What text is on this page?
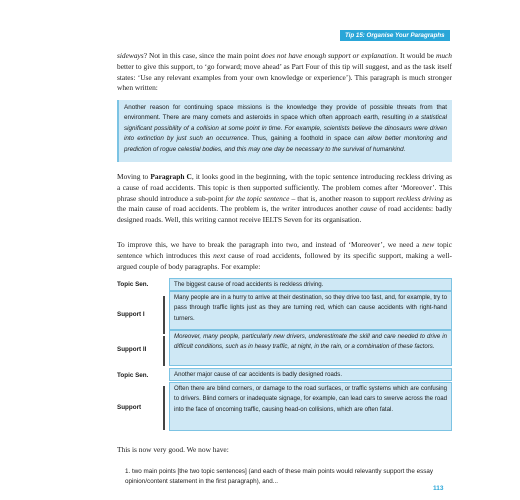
Tip 15: Organise Your Paragraphs
sideways? Not in this case, since the main point does not have enough support or explanation. It would be much better to give this support, to ‘go forward; move ahead’ as Part Four of this tip will suggest, and as the task itself states: ‘Use any relevant examples from your own knowledge or experience’). This paragraph is much stronger when written:
Another reason for continuing space missions is the knowledge they provide of possible threats from that environment. There are many comets and asteroids in space which often approach earth, resulting in a statistical significant possibility of a collision at some point in time. For example, scientists believe the dinosaurs were driven into extinction by just such an occurrence. Thus, gaining a foothold in space can allow better monitoring and prediction of rogue celestial bodies, and this may one day be necessary to the survival of humankind.
Moving to Paragraph C, it looks good in the beginning, with the topic sentence introducing reckless driving as a cause of road accidents. This topic is then supported sufficiently. The problem comes after ‘Moreover’. This phrase should introduce a sub-point for the topic sentence – that is, another reason to support reckless driving as the main cause of road accidents. The problem is, the writer introduces another cause of road accidents: badly designed roads. Well, this writing cannot receive IELTS Seven for its organisation.
To improve this, we have to break the paragraph into two, and instead of ‘Moreover’, we need a new topic sentence which introduces this next cause of road accidents, followed by its specific support, making a well-argued couple of body paragraphs. For example:
Topic Sen.	The biggest cause of road accidents is reckless driving.
Support I
Many people are in a hurry to arrive at their destination, so they drive too fast, and, for example, try to pass through traffic lights just as they are turning red, which can cause accidents with right-hand turners.
Support II
Moreover, many people, particularly new drivers, underestimate the skill and care needed to drive in difficult conditions, such as in heavy traffic, at night, in the rain, or a combination of these factors.
Topic Sen.	Another major cause of car accidents is badly designed roads.
Support
Often there are blind corners, or damage to the road surfaces, or traffic systems which are confusing to drivers. Blind corners or inadequate signage, for example, can lead cars to swerve across the road into the face of oncoming traffic, causing head-on collisions, which are often fatal.
This is now very good. We now have:
1. two main points [the two topic sentences] (and each of these main points would relevantly support the essay opinion/content statement in the first paragraph), and...
113
